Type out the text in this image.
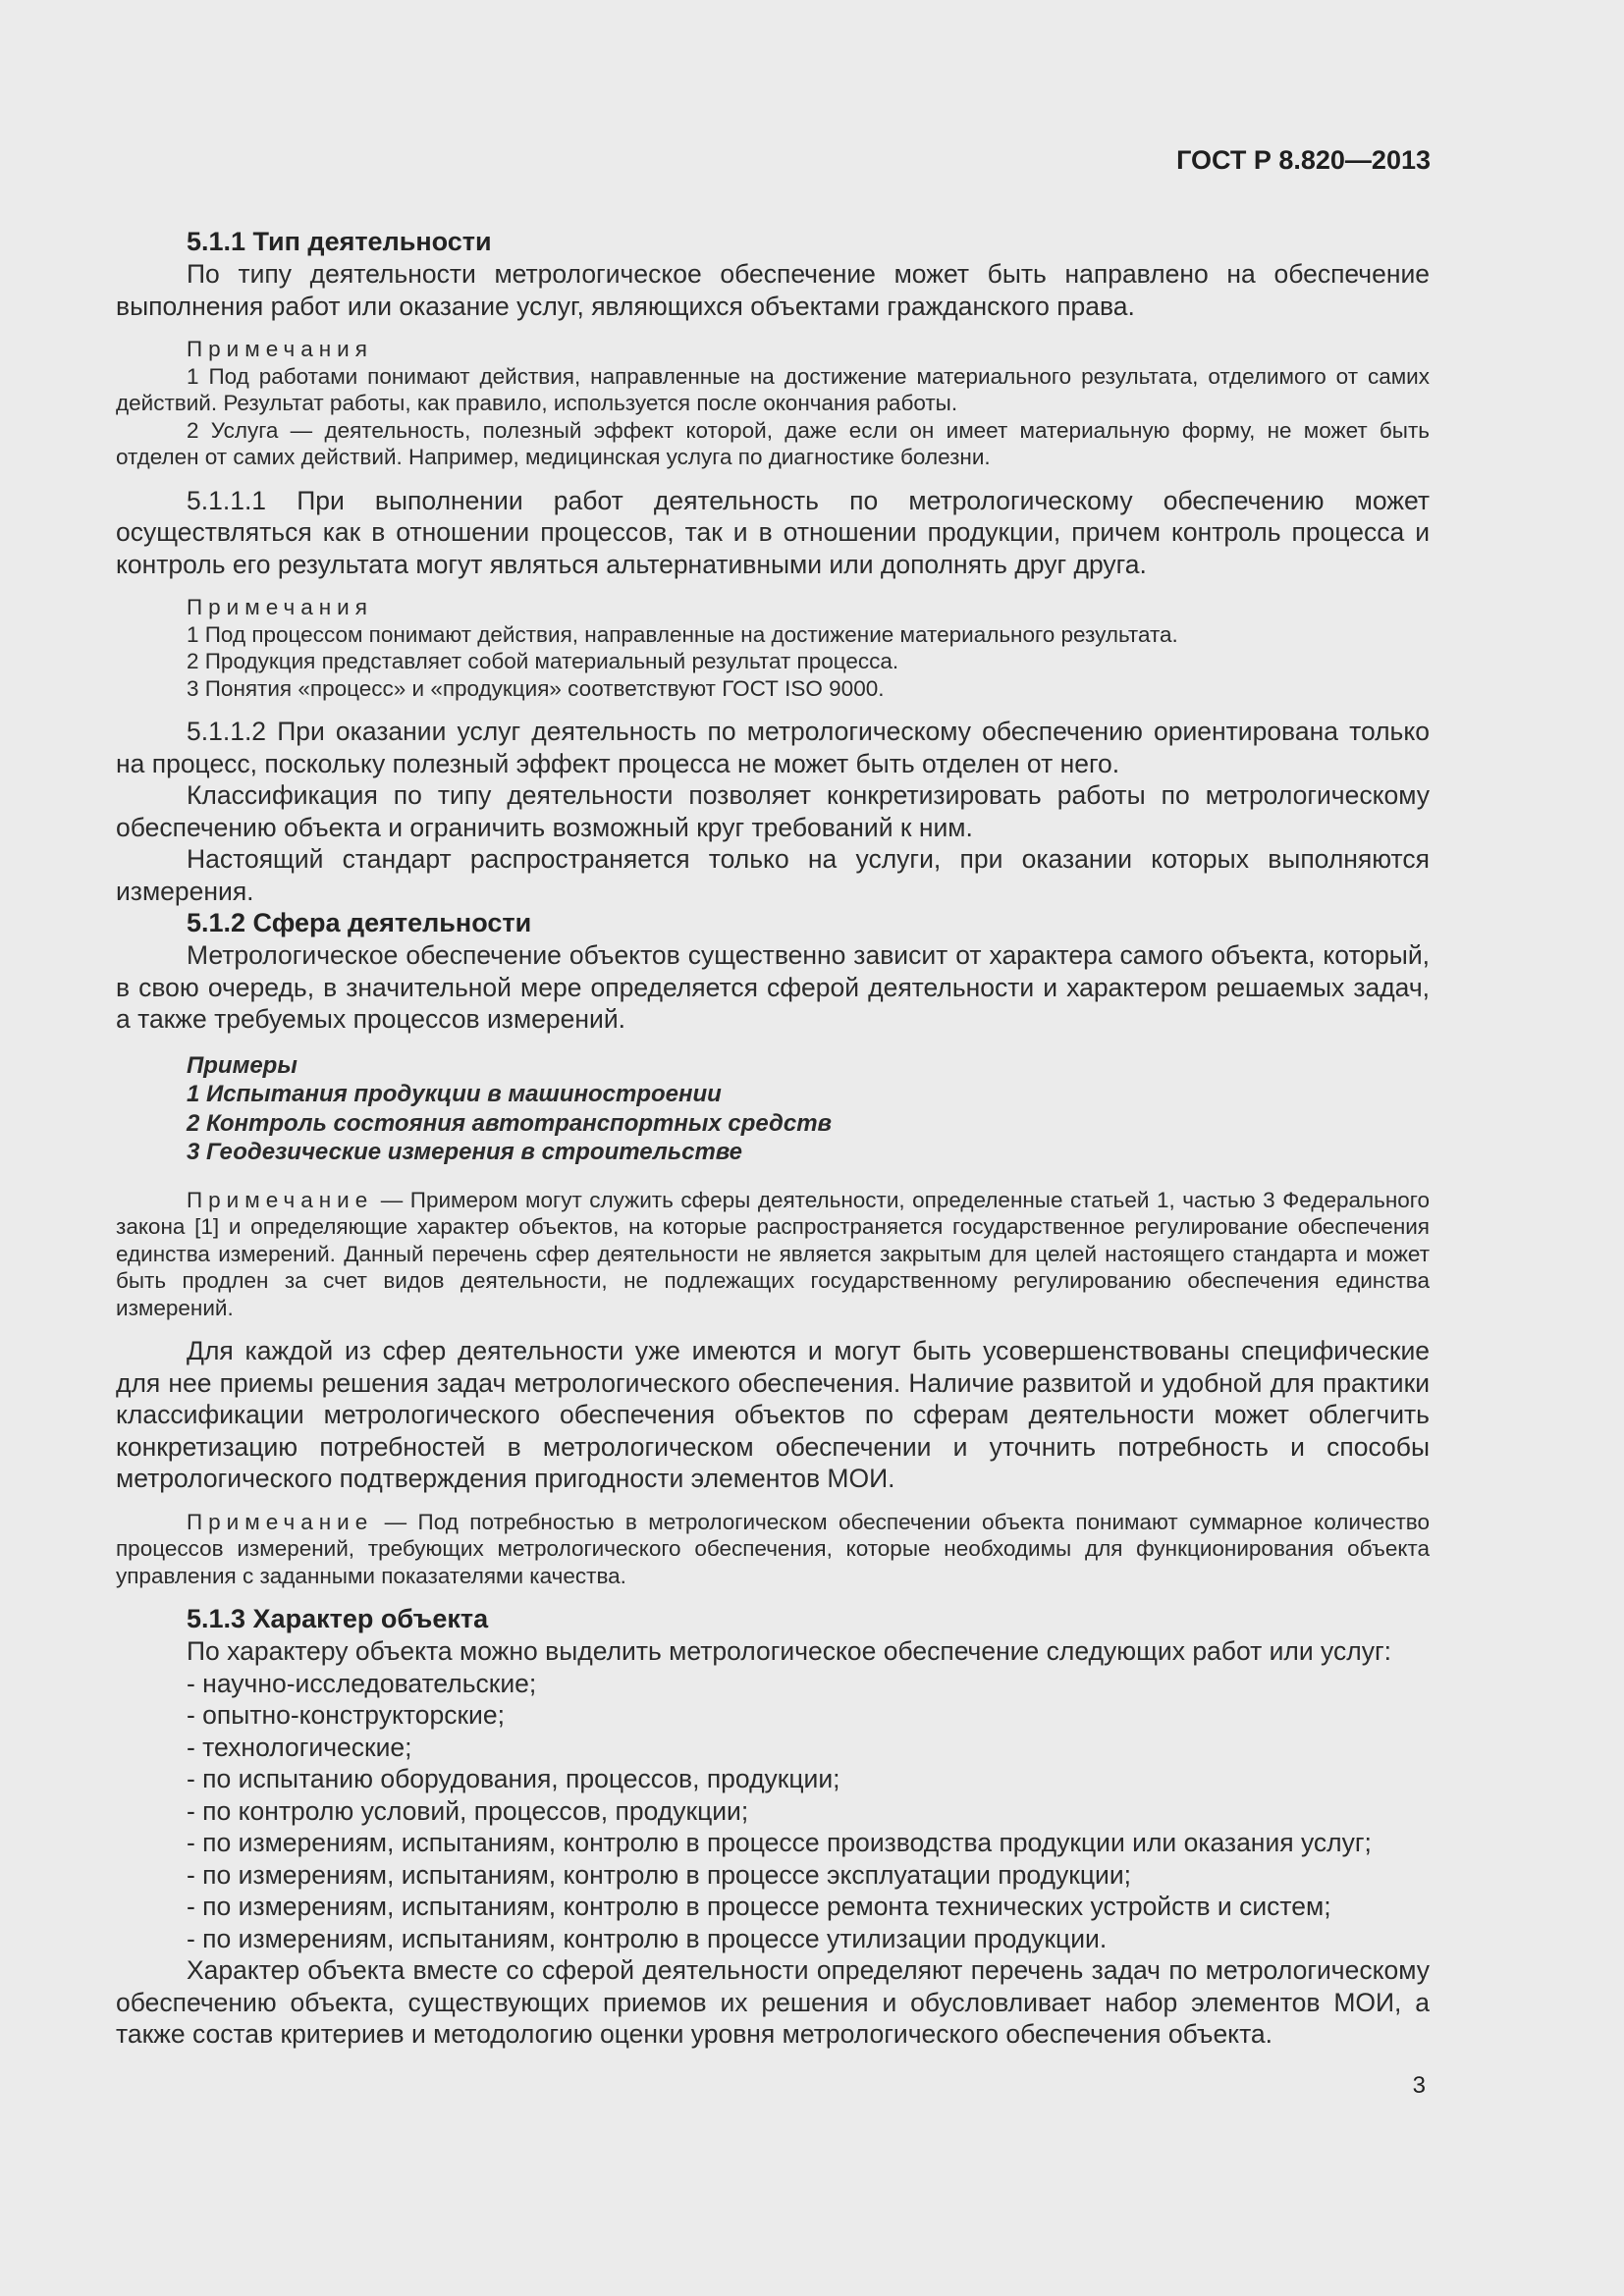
ГОСТ Р 8.820—2013

5.1.1 Тип деятельности

По типу деятельности метрологическое обеспечение может быть направлено на обеспечение выполнения работ или оказание услуг, являющихся объектами гражданского права.

Примечания

1 Под работами понимают действия, направленные на достижение материального результата, отделимого от самих действий. Результат работы, как правило, используется после окончания работы.

2 Услуга — деятельность, полезный эффект которой, даже если он имеет материальную форму, не может быть отделен от самих действий. Например, медицинская услуга по диагностике болезни.

5.1.1.1 При выполнении работ деятельность по метрологическому обеспечению может осуществляться как в отношении процессов, так и в отношении продукции, причем контроль процесса и контроль его результата могут являться альтернативными или дополнять друг друга.

Примечания

1 Под процессом понимают действия, направленные на достижение материального результата.

2 Продукция представляет собой материальный результат процесса.

3 Понятия «процесс» и «продукция» соответствуют ГОСТ ISO 9000.

5.1.1.2 При оказании услуг деятельность по метрологическому обеспечению ориентирована только на процесс, поскольку полезный эффект процесса не может быть отделен от него.

Классификация по типу деятельности позволяет конкретизировать работы по метрологическому обеспечению объекта и ограничить возможный круг требований к ним.

Настоящий стандарт распространяется только на услуги, при оказании которых выполняются измерения.

5.1.2 Сфера деятельности

Метрологическое обеспечение объектов существенно зависит от характера самого объекта, который, в свою очередь, в значительной мере определяется сферой деятельности и характером решаемых задач, а также требуемых процессов измерений.

Примеры

1 Испытания продукции в машиностроении

2 Контроль состояния автотранспортных средств

3 Геодезические измерения в строительстве

Примечание — Примером могут служить сферы деятельности, определенные статьей 1, частью 3 Федерального закона [1] и определяющие характер объектов, на которые распространяется государственное регулирование обеспечения единства измерений. Данный перечень сфер деятельности не является закрытым для целей настоящего стандарта и может быть продлен за счет видов деятельности, не подлежащих государственному регулированию обеспечения единства измерений.

Для каждой из сфер деятельности уже имеются и могут быть усовершенствованы специфические для нее приемы решения задач метрологического обеспечения. Наличие развитой и удобной для практики классификации метрологического обеспечения объектов по сферам деятельности может облегчить конкретизацию потребностей в метрологическом обеспечении и уточнить потребность и способы метрологического подтверждения пригодности элементов МОИ.

Примечание — Под потребностью в метрологическом обеспечении объекта понимают суммарное количество процессов измерений, требующих метрологического обеспечения, которые необходимы для функционирования объекта управления с заданными показателями качества.

5.1.3 Характер объекта

По характеру объекта можно выделить метрологическое обеспечение следующих работ или услуг:

- научно-исследовательские;

- опытно-конструкторские;

- технологические;

- по испытанию оборудования, процессов, продукции;

- по контролю условий, процессов, продукции;

- по измерениям, испытаниям, контролю в процессе производства продукции или оказания услуг;

- по измерениям, испытаниям, контролю в процессе эксплуатации продукции;

- по измерениям, испытаниям, контролю в процессе ремонта технических устройств и систем;

- по измерениям, испытаниям, контролю в процессе утилизации продукции.

Характер объекта вместе со сферой деятельности определяют перечень задач по метрологическому обеспечению объекта, существующих приемов их решения и обусловливает набор элементов МОИ, а также состав критериев и методологию оценки уровня метрологического обеспечения объекта.

3
